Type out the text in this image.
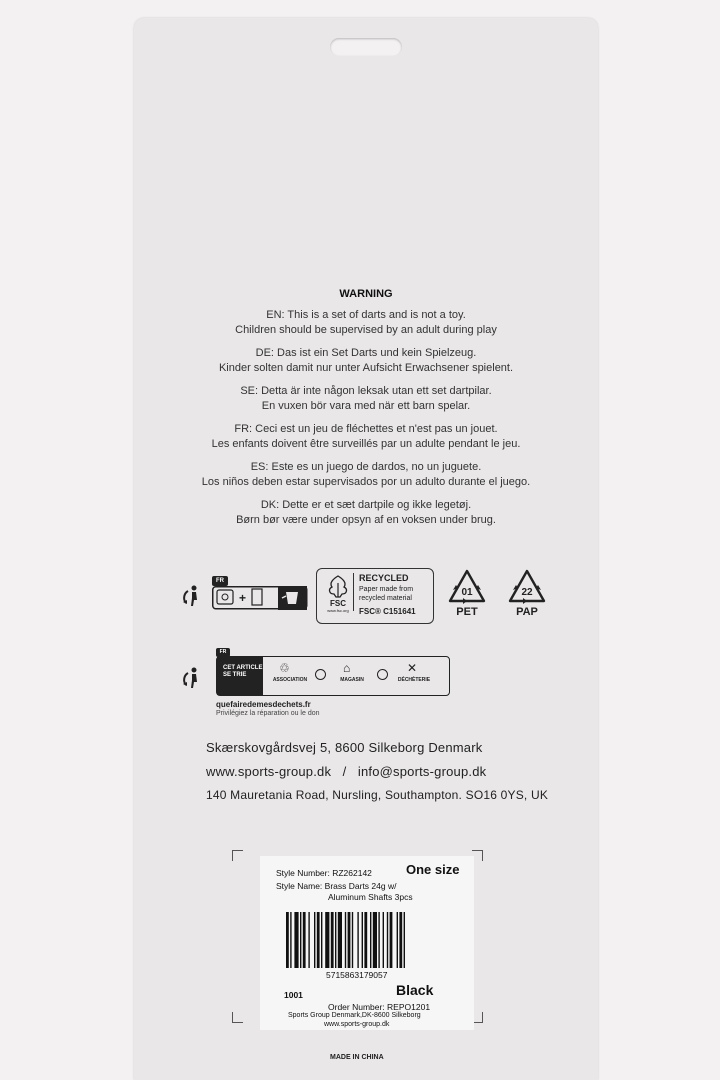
WARNING

EN: This is a set of darts and is not a toy.
Children should be supervised by an adult during play

DE: Das ist ein Set Darts und kein Spielzeug.
Kinder solten damit nur unter Aufsicht Erwachsener spielent.

SE: Detta är inte någon leksak utan ett set dartpilar.
En vuxen bör vara med när ett barn spelar.

FR: Ceci est un jeu de fléchettes et n'est pas un jouet.
Les enfants doivent être surveillés par un adulte pendant le jeu.

ES: Este es un juego de dardos, no un juguete.
Los niños deben estar supervisados por un adulto durante el juego.

DK: Dette er et sæt dartpile og ikke legetøj.
Børn bør være under opsyn af en voksen under brug.

FR
+	FSC
www.fsc.org
RECYCLED
Paper made from recycled material
FSC® C151641
01
PET
22
PAP
FR
CET ARTICLE SE TRIE	♲
ASSOCIATION
⌂
MAGASIN
✕
DÉCHÈTERIE
quefairedemesdechets.fr
Privilégiez la réparation ou le don
Skærskovgårdsvej 5, 8600 Silkeborg Denmark
www.sports-group.dk / info@sports-group.dk
140 Mauretania Road, Nursling, Southampton. SO16 0YS, UK
Style Number: RZ262142	One size
Style Name: Brass Darts 24g w/
Aluminum Shafts 3pcs
5715863179057
1001	Black
Order Number: REPO1201
Sports Group Denmark,DK-8600 Silkeborg
www.sports-group.dk
MADE IN CHINA
